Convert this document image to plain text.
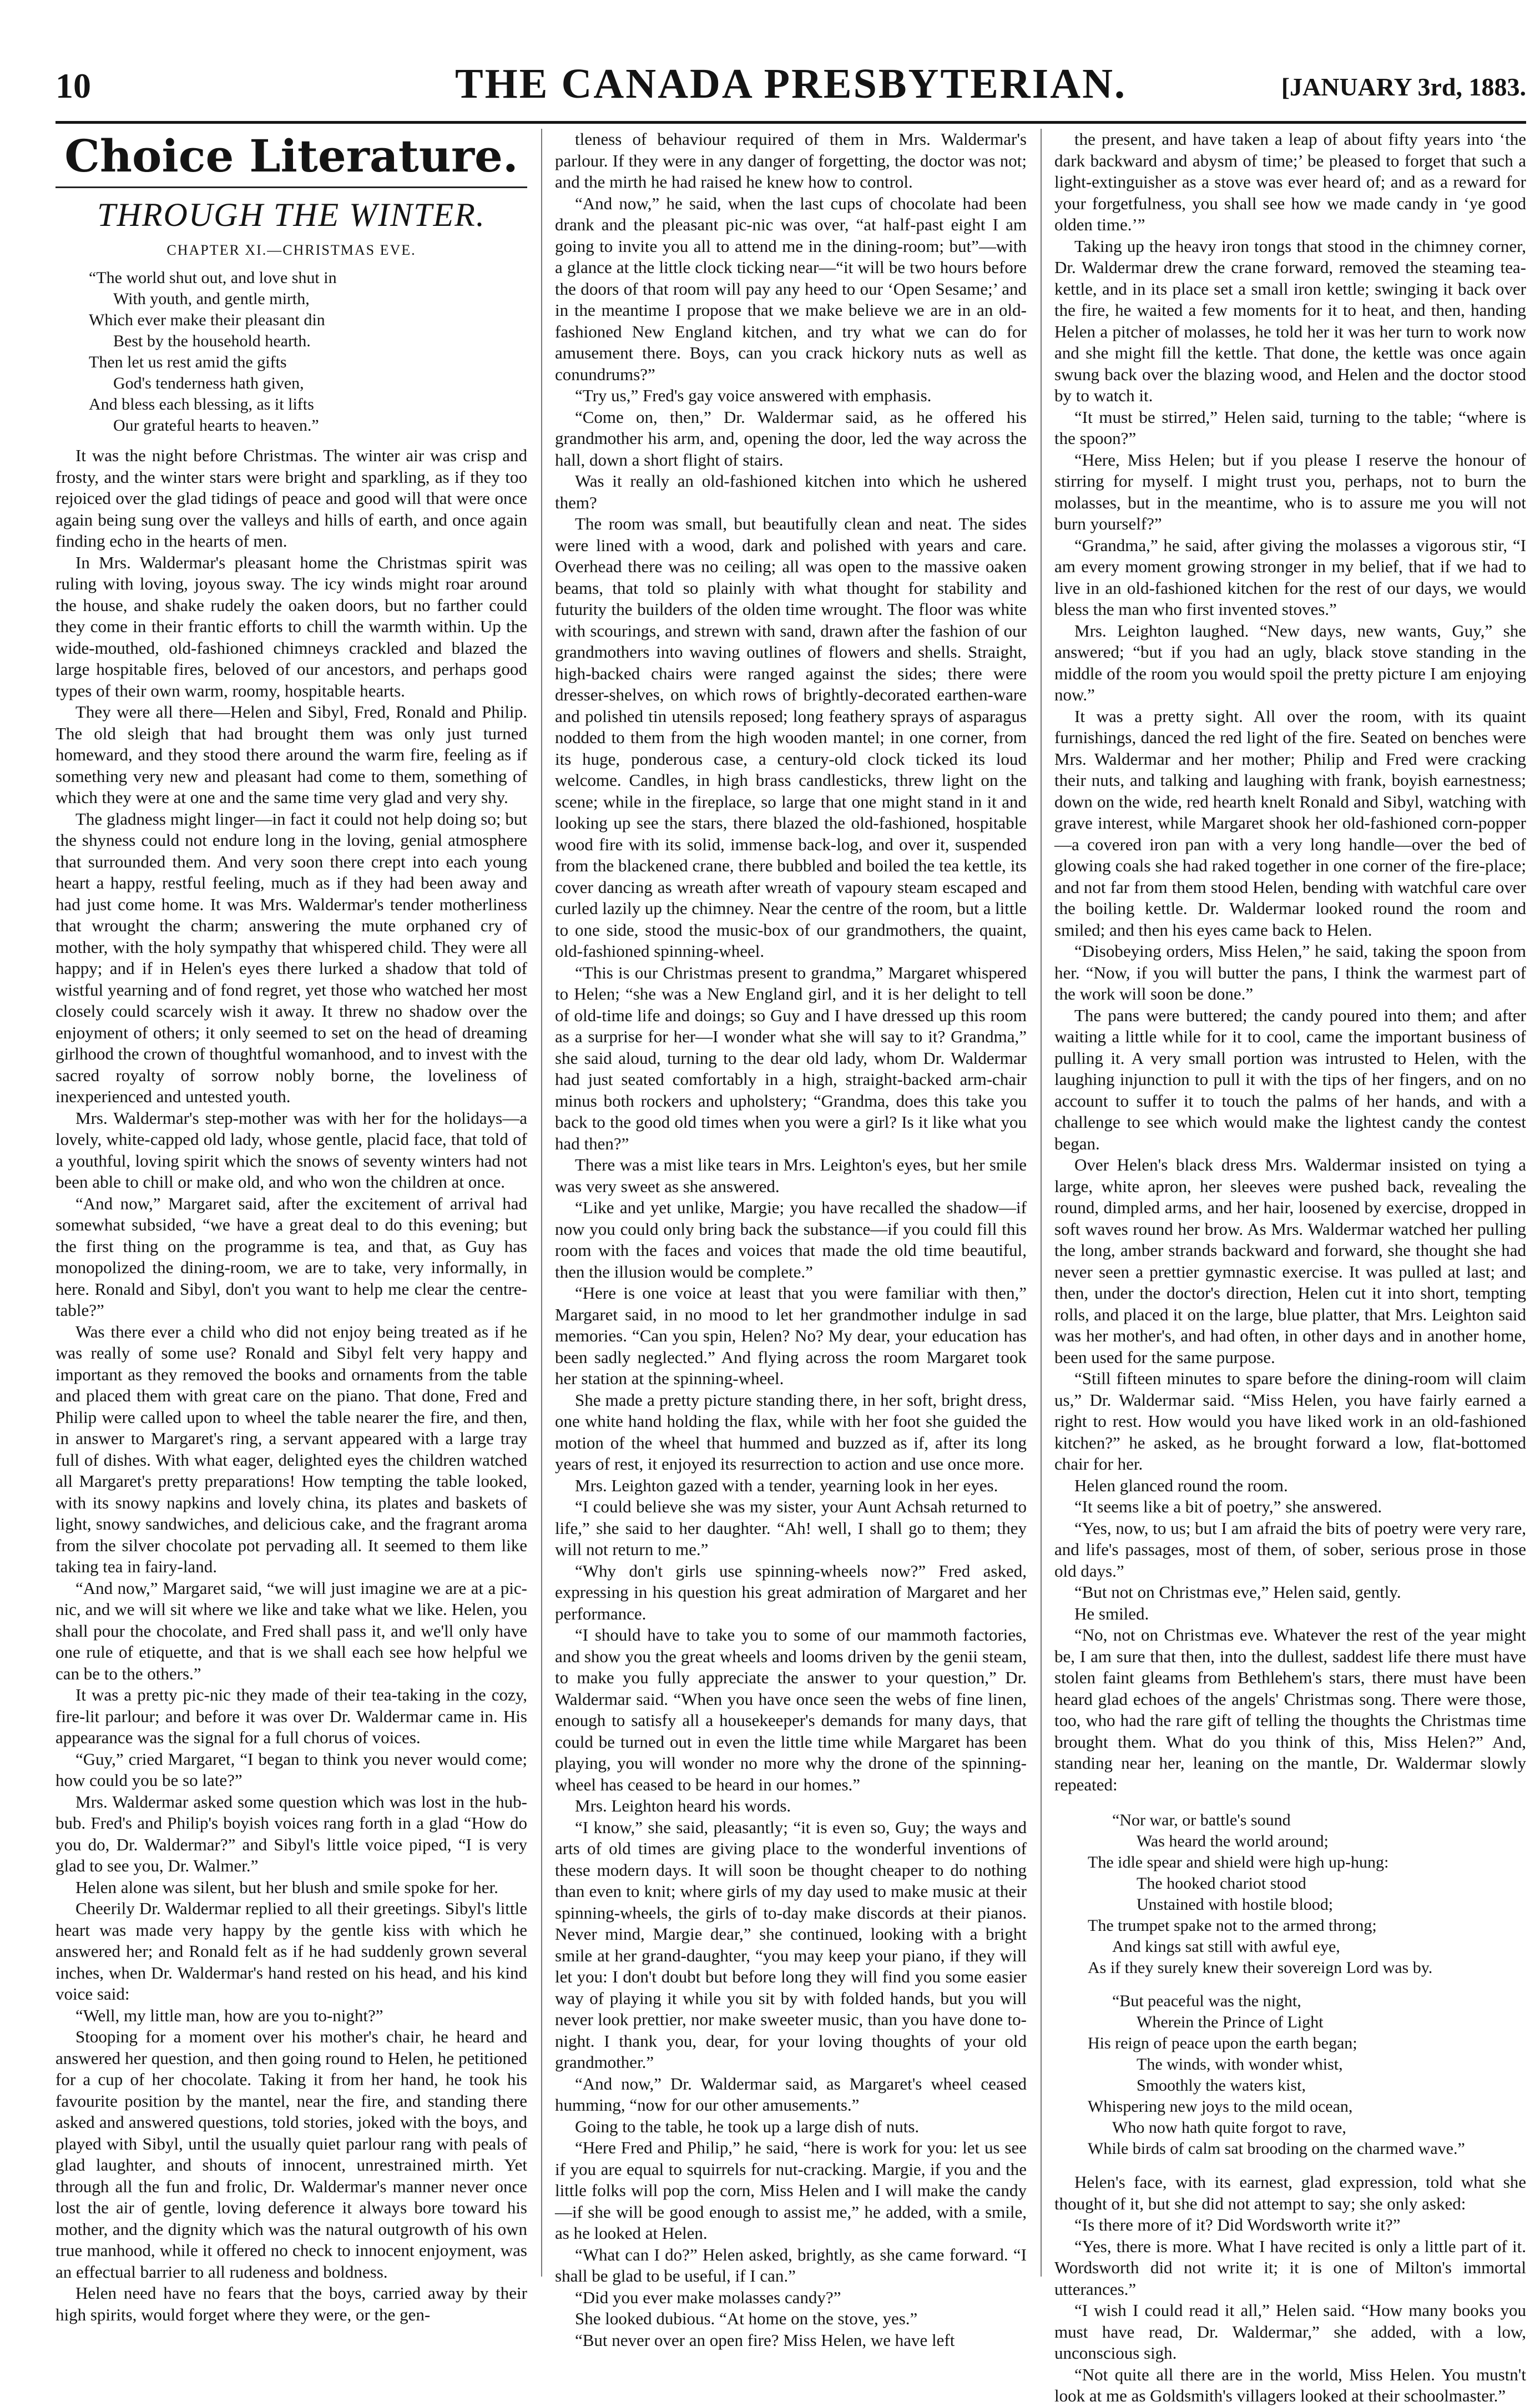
10	THE CANADA PRESBYTERIAN.	[JANUARY 3rd, 1883.
Choice Literature.
THROUGH THE WINTER.
CHAPTER XI.—CHRISTMAS EVE.
“The world shut out, and love shut in
With youth, and gentle mirth,
Which ever make their pleasant din
Best by the household hearth.
Then let us rest amid the gifts
God's tenderness hath given,
And bless each blessing, as it lifts
Our grateful hearts to heaven.”

It was the night before Christmas. The winter air was crisp and frosty, and the winter stars were bright and sparkling, as if they too rejoiced over the glad tidings of peace and good will that were once again being sung over the valleys and hills of earth, and once again finding echo in the hearts of men.

In Mrs. Waldermar's pleasant home the Christmas spirit was ruling with loving, joyous sway. The icy winds might roar around the house, and shake rudely the oaken doors, but no farther could they come in their frantic efforts to chill the warmth within. Up the wide-mouthed, old-fashioned chimneys crackled and blazed the large hospitable fires, beloved of our ancestors, and perhaps good types of their own warm, roomy, hospitable hearts.

They were all there—Helen and Sibyl, Fred, Ronald and Philip. The old sleigh that had brought them was only just turned homeward, and they stood there around the warm fire, feeling as if something very new and pleasant had come to them, something of which they were at one and the same time very glad and very shy.

The gladness might linger—in fact it could not help doing so; but the shyness could not endure long in the loving, genial atmosphere that surrounded them. And very soon there crept into each young heart a happy, restful feeling, much as if they had been away and had just come home. It was Mrs. Waldermar's tender motherliness that wrought the charm; answering the mute orphaned cry of mother, with the holy sympathy that whispered child. They were all happy; and if in Helen's eyes there lurked a shadow that told of wistful yearning and of fond regret, yet those who watched her most closely could scarcely wish it away. It threw no shadow over the enjoyment of others; it only seemed to set on the head of dreaming girlhood the crown of thoughtful womanhood, and to invest with the sacred royalty of sorrow nobly borne, the loveliness of inexperienced and untested youth.

Mrs. Waldermar's step-mother was with her for the holidays—a lovely, white-capped old lady, whose gentle, placid face, that told of a youthful, loving spirit which the snows of seventy winters had not been able to chill or make old, and who won the children at once.

“And now,” Margaret said, after the excitement of arrival had somewhat subsided, “we have a great deal to do this evening; but the first thing on the programme is tea, and that, as Guy has monopolized the dining-room, we are to take, very informally, in here. Ronald and Sibyl, don't you want to help me clear the centre-table?”

Was there ever a child who did not enjoy being treated as if he was really of some use? Ronald and Sibyl felt very happy and important as they removed the books and ornaments from the table and placed them with great care on the piano. That done, Fred and Philip were called upon to wheel the table nearer the fire, and then, in answer to Margaret's ring, a servant appeared with a large tray full of dishes. With what eager, delighted eyes the children watched all Margaret's pretty preparations! How tempting the table looked, with its snowy napkins and lovely china, its plates and baskets of light, snowy sandwiches, and delicious cake, and the fragrant aroma from the silver chocolate pot pervading all. It seemed to them like taking tea in fairy-land.

“And now,” Margaret said, “we will just imagine we are at a pic-nic, and we will sit where we like and take what we like. Helen, you shall pour the chocolate, and Fred shall pass it, and we'll only have one rule of etiquette, and that is we shall each see how helpful we can be to the others.”

It was a pretty pic-nic they made of their tea-taking in the cozy, fire-lit parlour; and before it was over Dr. Waldermar came in. His appearance was the signal for a full chorus of voices.

“Guy,” cried Margaret, “I began to think you never would come; how could you be so late?”

Mrs. Waldermar asked some question which was lost in the hub-bub. Fred's and Philip's boyish voices rang forth in a glad “How do you do, Dr. Waldermar?” and Sibyl's little voice piped, “I is very glad to see you, Dr. Walmer.”

Helen alone was silent, but her blush and smile spoke for her.

Cheerily Dr. Waldermar replied to all their greetings. Sibyl's little heart was made very happy by the gentle kiss with which he answered her; and Ronald felt as if he had suddenly grown several inches, when Dr. Waldermar's hand rested on his head, and his kind voice said:

“Well, my little man, how are you to-night?”

Stooping for a moment over his mother's chair, he heard and answered her question, and then going round to Helen, he petitioned for a cup of her chocolate. Taking it from her hand, he took his favourite position by the mantel, near the fire, and standing there asked and answered questions, told stories, joked with the boys, and played with Sibyl, until the usually quiet parlour rang with peals of glad laughter, and shouts of innocent, unrestrained mirth. Yet through all the fun and frolic, Dr. Waldermar's manner never once lost the air of gentle, loving deference it always bore toward his mother, and the dignity which was the natural outgrowth of his own true manhood, while it offered no check to innocent enjoyment, was an effectual barrier to all rudeness and boldness.

Helen need have no fears that the boys, carried away by their high spirits, would forget where they were, or the gen-

tleness of behaviour required of them in Mrs. Waldermar's parlour. If they were in any danger of forgetting, the doctor was not; and the mirth he had raised he knew how to control.

“And now,” he said, when the last cups of chocolate had been drank and the pleasant pic-nic was over, “at half-past eight I am going to invite you all to attend me in the dining-room; but”—with a glance at the little clock ticking near—“it will be two hours before the doors of that room will pay any heed to our ‘Open Sesame;’ and in the meantime I propose that we make believe we are in an old-fashioned New England kitchen, and try what we can do for amusement there. Boys, can you crack hickory nuts as well as conundrums?”

“Try us,” Fred's gay voice answered with emphasis.

“Come on, then,” Dr. Waldermar said, as he offered his grandmother his arm, and, opening the door, led the way across the hall, down a short flight of stairs.

Was it really an old-fashioned kitchen into which he ushered them?

The room was small, but beautifully clean and neat. The sides were lined with a wood, dark and polished with years and care. Overhead there was no ceiling; all was open to the massive oaken beams, that told so plainly with what thought for stability and futurity the builders of the olden time wrought. The floor was white with scourings, and strewn with sand, drawn after the fashion of our grandmothers into waving outlines of flowers and shells. Straight, high-backed chairs were ranged against the sides; there were dresser-shelves, on which rows of brightly-decorated earthen-ware and polished tin utensils reposed; long feathery sprays of asparagus nodded to them from the high wooden mantel; in one corner, from its huge, ponderous case, a century-old clock ticked its loud welcome. Candles, in high brass candlesticks, threw light on the scene; while in the fireplace, so large that one might stand in it and looking up see the stars, there blazed the old-fashioned, hospitable wood fire with its solid, immense back-log, and over it, suspended from the blackened crane, there bubbled and boiled the tea kettle, its cover dancing as wreath after wreath of vapoury steam escaped and curled lazily up the chimney. Near the centre of the room, but a little to one side, stood the music-box of our grandmothers, the quaint, old-fashioned spinning-wheel.

“This is our Christmas present to grandma,” Margaret whispered to Helen; “she was a New England girl, and it is her delight to tell of old-time life and doings; so Guy and I have dressed up this room as a surprise for her—I wonder what she will say to it? Grandma,” she said aloud, turning to the dear old lady, whom Dr. Waldermar had just seated comfortably in a high, straight-backed arm-chair minus both rockers and upholstery; “Grandma, does this take you back to the good old times when you were a girl? Is it like what you had then?”

There was a mist like tears in Mrs. Leighton's eyes, but her smile was very sweet as she answered.

“Like and yet unlike, Margie; you have recalled the shadow—if now you could only bring back the substance—if you could fill this room with the faces and voices that made the old time beautiful, then the illusion would be complete.”

“Here is one voice at least that you were familiar with then,” Margaret said, in no mood to let her grandmother indulge in sad memories. “Can you spin, Helen? No? My dear, your education has been sadly neglected.” And flying across the room Margaret took her station at the spinning-wheel.

She made a pretty picture standing there, in her soft, bright dress, one white hand holding the flax, while with her foot she guided the motion of the wheel that hummed and buzzed as if, after its long years of rest, it enjoyed its resurrection to action and use once more.

Mrs. Leighton gazed with a tender, yearning look in her eyes.

“I could believe she was my sister, your Aunt Achsah returned to life,” she said to her daughter. “Ah! well, I shall go to them; they will not return to me.”

“Why don't girls use spinning-wheels now?” Fred asked, expressing in his question his great admiration of Margaret and her performance.

“I should have to take you to some of our mammoth factories, and show you the great wheels and looms driven by the genii steam, to make you fully appreciate the answer to your question,” Dr. Waldermar said. “When you have once seen the webs of fine linen, enough to satisfy all a housekeeper's demands for many days, that could be turned out in even the little time while Margaret has been playing, you will wonder no more why the drone of the spinning-wheel has ceased to be heard in our homes.”

Mrs. Leighton heard his words.

“I know,” she said, pleasantly; “it is even so, Guy; the ways and arts of old times are giving place to the wonderful inventions of these modern days. It will soon be thought cheaper to do nothing than even to knit; where girls of my day used to make music at their spinning-wheels, the girls of to-day make discords at their pianos. Never mind, Margie dear,” she continued, looking with a bright smile at her grand-daughter, “you may keep your piano, if they will let you: I don't doubt but before long they will find you some easier way of playing it while you sit by with folded hands, but you will never look prettier, nor make sweeter music, than you have done to-night. I thank you, dear, for your loving thoughts of your old grandmother.”

“And now,” Dr. Waldermar said, as Margaret's wheel ceased humming, “now for our other amusements.”

Going to the table, he took up a large dish of nuts.

“Here Fred and Philip,” he said, “here is work for you: let us see if you are equal to squirrels for nut-cracking. Margie, if you and the little folks will pop the corn, Miss Helen and I will make the candy—if she will be good enough to assist me,” he added, with a smile, as he looked at Helen.

“What can I do?” Helen asked, brightly, as she came forward. “I shall be glad to be useful, if I can.”

“Did you ever make molasses candy?”

She looked dubious. “At home on the stove, yes.”

“But never over an open fire? Miss Helen, we have left

the present, and have taken a leap of about fifty years into ‘the dark backward and abysm of time;’ be pleased to forget that such a light-extinguisher as a stove was ever heard of; and as a reward for your forgetfulness, you shall see how we made candy in ‘ye good olden time.’”

Taking up the heavy iron tongs that stood in the chimney corner, Dr. Waldermar drew the crane forward, removed the steaming tea-kettle, and in its place set a small iron kettle; swinging it back over the fire, he waited a few moments for it to heat, and then, handing Helen a pitcher of molasses, he told her it was her turn to work now and she might fill the kettle. That done, the kettle was once again swung back over the blazing wood, and Helen and the doctor stood by to watch it.

“It must be stirred,” Helen said, turning to the table; “where is the spoon?”

“Here, Miss Helen; but if you please I reserve the honour of stirring for myself. I might trust you, perhaps, not to burn the molasses, but in the meantime, who is to assure me you will not burn yourself?”

“Grandma,” he said, after giving the molasses a vigorous stir, “I am every moment growing stronger in my belief, that if we had to live in an old-fashioned kitchen for the rest of our days, we would bless the man who first invented stoves.”

Mrs. Leighton laughed. “New days, new wants, Guy,” she answered; “but if you had an ugly, black stove standing in the middle of the room you would spoil the pretty picture I am enjoying now.”

It was a pretty sight. All over the room, with its quaint furnishings, danced the red light of the fire. Seated on benches were Mrs. Waldermar and her mother; Philip and Fred were cracking their nuts, and talking and laughing with frank, boyish earnestness; down on the wide, red hearth knelt Ronald and Sibyl, watching with grave interest, while Margaret shook her old-fashioned corn-popper—a covered iron pan with a very long handle—over the bed of glowing coals she had raked together in one corner of the fire-place; and not far from them stood Helen, bending with watchful care over the boiling kettle. Dr. Waldermar looked round the room and smiled; and then his eyes came back to Helen.

“Disobeying orders, Miss Helen,” he said, taking the spoon from her. “Now, if you will butter the pans, I think the warmest part of the work will soon be done.”

The pans were buttered; the candy poured into them; and after waiting a little while for it to cool, came the important business of pulling it. A very small portion was intrusted to Helen, with the laughing injunction to pull it with the tips of her fingers, and on no account to suffer it to touch the palms of her hands, and with a challenge to see which would make the lightest candy the contest began.

Over Helen's black dress Mrs. Waldermar insisted on tying a large, white apron, her sleeves were pushed back, revealing the round, dimpled arms, and her hair, loosened by exercise, dropped in soft waves round her brow. As Mrs. Waldermar watched her pulling the long, amber strands backward and forward, she thought she had never seen a prettier gymnastic exercise. It was pulled at last; and then, under the doctor's direction, Helen cut it into short, tempting rolls, and placed it on the large, blue platter, that Mrs. Leighton said was her mother's, and had often, in other days and in another home, been used for the same purpose.

“Still fifteen minutes to spare before the dining-room will claim us,” Dr. Waldermar said. “Miss Helen, you have fairly earned a right to rest. How would you have liked work in an old-fashioned kitchen?” he asked, as he brought forward a low, flat-bottomed chair for her.

Helen glanced round the room.

“It seems like a bit of poetry,” she answered.

“Yes, now, to us; but I am afraid the bits of poetry were very rare, and life's passages, most of them, of sober, serious prose in those old days.”

“But not on Christmas eve,” Helen said, gently.

He smiled.

“No, not on Christmas eve. Whatever the rest of the year might be, I am sure that then, into the dullest, saddest life there must have stolen faint gleams from Bethlehem's stars, there must have been heard glad echoes of the angels' Christmas song. There were those, too, who had the rare gift of telling the thoughts the Christmas time brought them. What do you think of this, Miss Helen?” And, standing near her, leaning on the mantle, Dr. Waldermar slowly repeated:

“Nor war, or battle's sound
Was heard the world around;
The idle spear and shield were high up-hung:
The hooked chariot stood
Unstained with hostile blood;
The trumpet spake not to the armed throng;
And kings sat still with awful eye,
As if they surely knew their sovereign Lord was by.
“But peaceful was the night,
Wherein the Prince of Light
His reign of peace upon the earth began;
The winds, with wonder whist,
Smoothly the waters kist,
Whispering new joys to the mild ocean,
Who now hath quite forgot to rave,
While birds of calm sat brooding on the charmed wave.”

Helen's face, with its earnest, glad expression, told what she thought of it, but she did not attempt to say; she only asked:

“Is there more of it? Did Wordsworth write it?”

“Yes, there is more. What I have recited is only a little part of it. Wordsworth did not write it; it is one of Milton's immortal utterances.”

“I wish I could read it all,” Helen said. “How many books you must have read, Dr. Waldermar,” she added, with a low, unconscious sigh.

“Not quite all there are in the world, Miss Helen. You mustn't look at me as Goldsmith's villagers looked at their schoolmaster.”
